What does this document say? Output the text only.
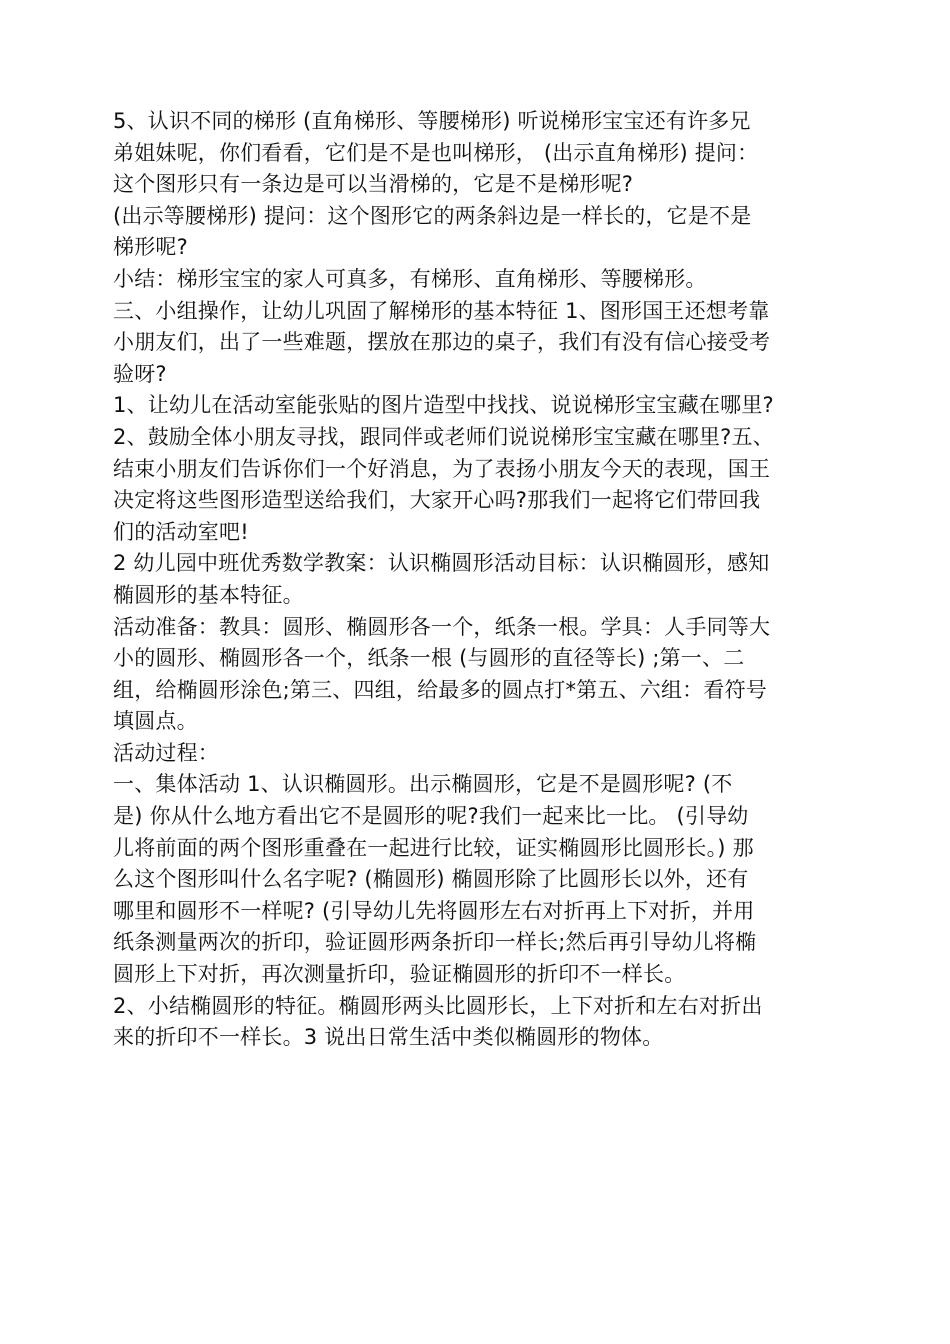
5、认识不同的梯形 (直角梯形、等腰梯形) 听说梯形宝宝还有许多兄
弟姐妹呢，你们看看，它们是不是也叫梯形， (出示直角梯形) 提问：
这个图形只有一条边是可以当滑梯的，它是不是梯形呢?
(出示等腰梯形) 提问：这个图形它的两条斜边是一样长的，它是不是
梯形呢?
小结：梯形宝宝的家人可真多，有梯形、直角梯形、等腰梯形。
三、小组操作，让幼儿巩固了解梯形的基本特征 1、图形国王还想考靠
小朋友们，出了一些难题，摆放在那边的桌子，我们有没有信心接受考
验呀?
1、让幼儿在活动室能张贴的图片造型中找找、说说梯形宝宝藏在哪里?
2、鼓励全体小朋友寻找，跟同伴或老师们说说梯形宝宝藏在哪里?五、
结束小朋友们告诉你们一个好消息，为了表扬小朋友今天的表现，国王
决定将这些图形造型送给我们，大家开心吗?那我们一起将它们带回我
们的活动室吧!
2 幼儿园中班优秀数学教案：认识椭圆形活动目标：认识椭圆形，感知
椭圆形的基本特征。
活动准备：教具：圆形、椭圆形各一个，纸条一根。学具：人手同等大
小的圆形、椭圆形各一个，纸条一根 (与圆形的直径等长) ;第一、二
组，给椭圆形涂色;第三、四组，给最多的圆点打*第五、六组：看符号
填圆点。
活动过程：
一、集体活动 1、认识椭圆形。出示椭圆形，它是不是圆形呢? (不
是) 你从什么地方看出它不是圆形的呢?我们一起来比一比。 (引导幼
儿将前面的两个图形重叠在一起进行比较，证实椭圆形比圆形长。) 那
么这个图形叫什么名字呢? (椭圆形) 椭圆形除了比圆形长以外，还有
哪里和圆形不一样呢? (引导幼儿先将圆形左右对折再上下对折，并用
纸条测量两次的折印，验证圆形两条折印一样长;然后再引导幼儿将椭
圆形上下对折，再次测量折印，验证椭圆形的折印不一样长。
2、小结椭圆形的特征。椭圆形两头比圆形长，上下对折和左右对折出
来的折印不一样长。3 说出日常生活中类似椭圆形的物体。
